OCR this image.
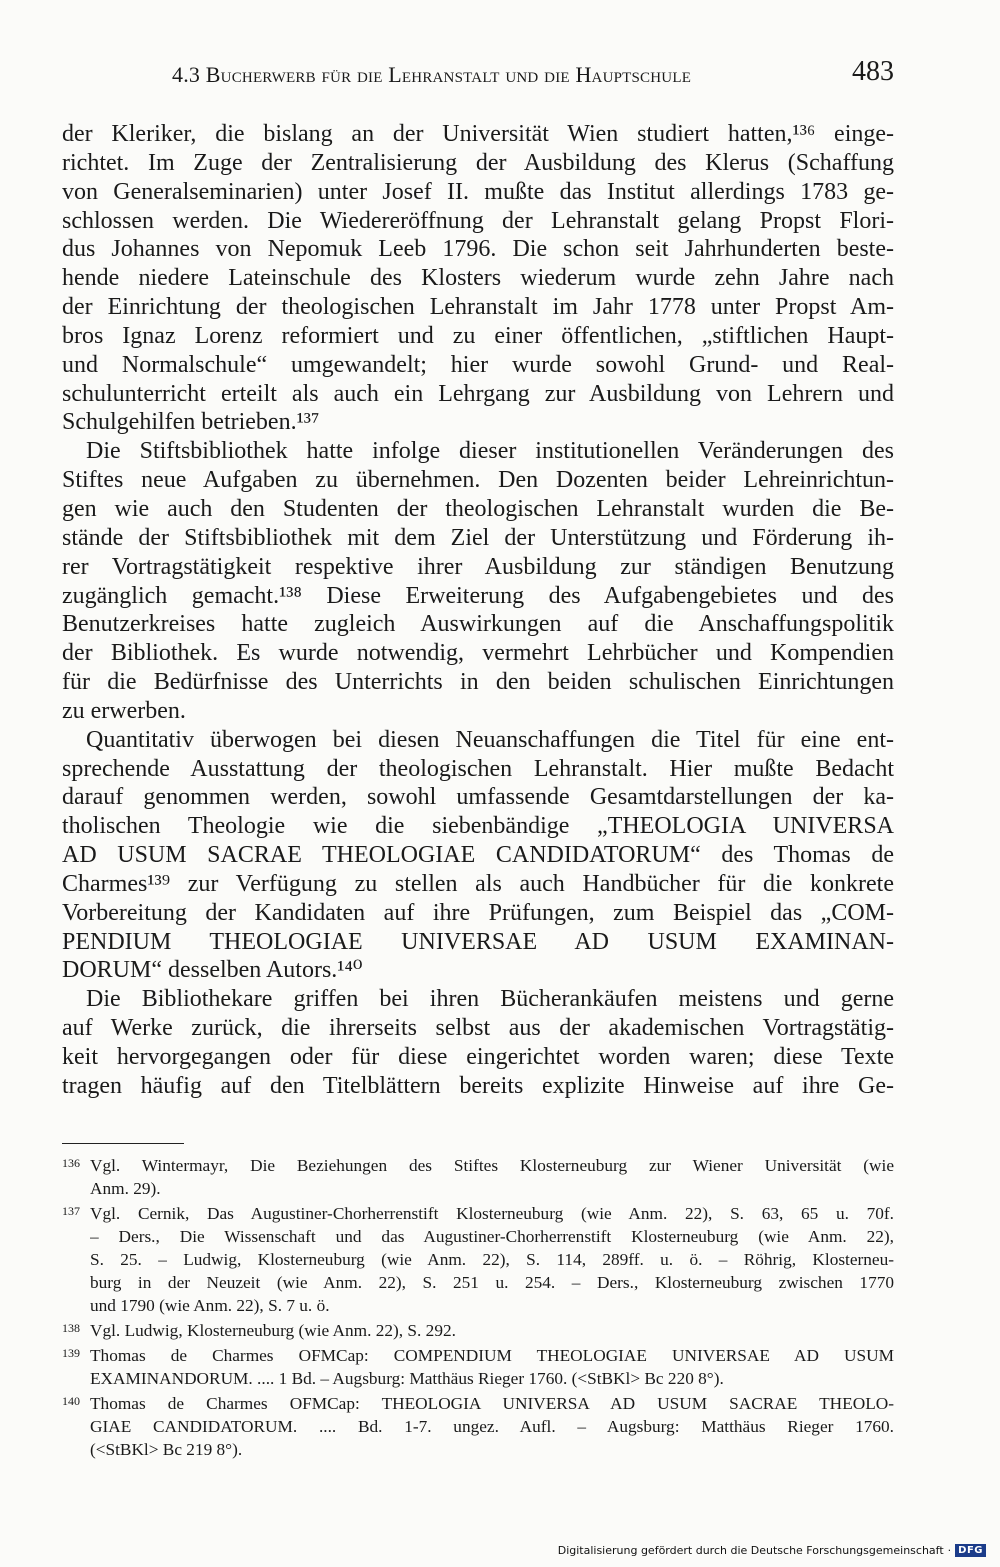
4.3 Bucherwerb für die Lehranstalt und die Hauptschule	483
der Kleriker, die bislang an der Universität Wien studiert hatten,¹³⁶ einge-
richtet. Im Zuge der Zentralisierung der Ausbildung des Klerus (Schaffung
von Generalseminarien) unter Josef II. mußte das Institut allerdings 1783 ge-
schlossen werden. Die Wiedereröffnung der Lehranstalt gelang Propst Flori-
dus Johannes von Nepomuk Leeb 1796. Die schon seit Jahrhunderten beste-
hende niedere Lateinschule des Klosters wiederum wurde zehn Jahre nach
der Einrichtung der theologischen Lehranstalt im Jahr 1778 unter Propst Am-
bros Ignaz Lorenz reformiert und zu einer öffentlichen, „stiftlichen Haupt-
und Normalschule“ umgewandelt; hier wurde sowohl Grund- und Real-
schulunterricht erteilt als auch ein Lehrgang zur Ausbildung von Lehrern und
Schulgehilfen betrieben.¹³⁷
Die Stiftsbibliothek hatte infolge dieser institutionellen Veränderungen des
Stiftes neue Aufgaben zu übernehmen. Den Dozenten beider Lehreinrichtun-
gen wie auch den Studenten der theologischen Lehranstalt wurden die Be-
stände der Stiftsbibliothek mit dem Ziel der Unterstützung und Förderung ih-
rer Vortragstätigkeit respektive ihrer Ausbildung zur ständigen Benutzung
zugänglich gemacht.¹³⁸ Diese Erweiterung des Aufgabengebietes und des
Benutzerkreises hatte zugleich Auswirkungen auf die Anschaffungspolitik
der Bibliothek. Es wurde notwendig, vermehrt Lehrbücher und Kompendien
für die Bedürfnisse des Unterrichts in den beiden schulischen Einrichtungen
zu erwerben.
Quantitativ überwogen bei diesen Neuanschaffungen die Titel für eine ent-
sprechende Ausstattung der theologischen Lehranstalt. Hier mußte Bedacht
darauf genommen werden, sowohl umfassende Gesamtdarstellungen der ka-
tholischen Theologie wie die siebenbändige „THEOLOGIA UNIVERSA
AD USUM SACRAE THEOLOGIAE CANDIDATORUM“ des Thomas de
Charmes¹³⁹ zur Verfügung zu stellen als auch Handbücher für die konkrete
Vorbereitung der Kandidaten auf ihre Prüfungen, zum Beispiel das „COM-
PENDIUM THEOLOGIAE UNIVERSAE AD USUM EXAMINAN-
DORUM“ desselben Autors.¹⁴⁰
Die Bibliothekare griffen bei ihren Bücherankäufen meistens und gerne
auf Werke zurück, die ihrerseits selbst aus der akademischen Vortragstätig-
keit hervorgegangen oder für diese eingerichtet worden waren; diese Texte
tragen häufig auf den Titelblättern bereits explizite Hinweise auf ihre Ge-
136 Vgl. Wintermayr, Die Beziehungen des Stiftes Klosterneuburg zur Wiener Universität (wie
Anm. 29).
137 Vgl. Cernik, Das Augustiner-Chorherrenstift Klosterneuburg (wie Anm. 22), S. 63, 65 u. 70f.
– Ders., Die Wissenschaft und das Augustiner-Chorherrenstift Klosterneuburg (wie Anm. 22),
S. 25. – Ludwig, Klosterneuburg (wie Anm. 22), S. 114, 289ff. u. ö. – Röhrig, Klosterneu-
burg in der Neuzeit (wie Anm. 22), S. 251 u. 254. – Ders., Klosterneuburg zwischen 1770
und 1790 (wie Anm. 22), S. 7 u. ö.
138 Vgl. Ludwig, Klosterneuburg (wie Anm. 22), S. 292.
139 Thomas de Charmes OFMCap: COMPENDIUM THEOLOGIAE UNIVERSAE AD USUM
EXAMINANDORUM. .... 1 Bd. – Augsburg: Matthäus Rieger 1760. (<StBKl> Bc 220 8°).
140 Thomas de Charmes OFMCap: THEOLOGIA UNIVERSA AD USUM SACRAE THEOLO-
GIAE CANDIDATORUM. .... Bd. 1-7. ungez. Aufl. – Augsburg: Matthäus Rieger 1760.
(<StBKl> Bc 219 8°).
Digitalisierung gefördert durch die Deutsche Forschungsgemeinschaft · DFG
